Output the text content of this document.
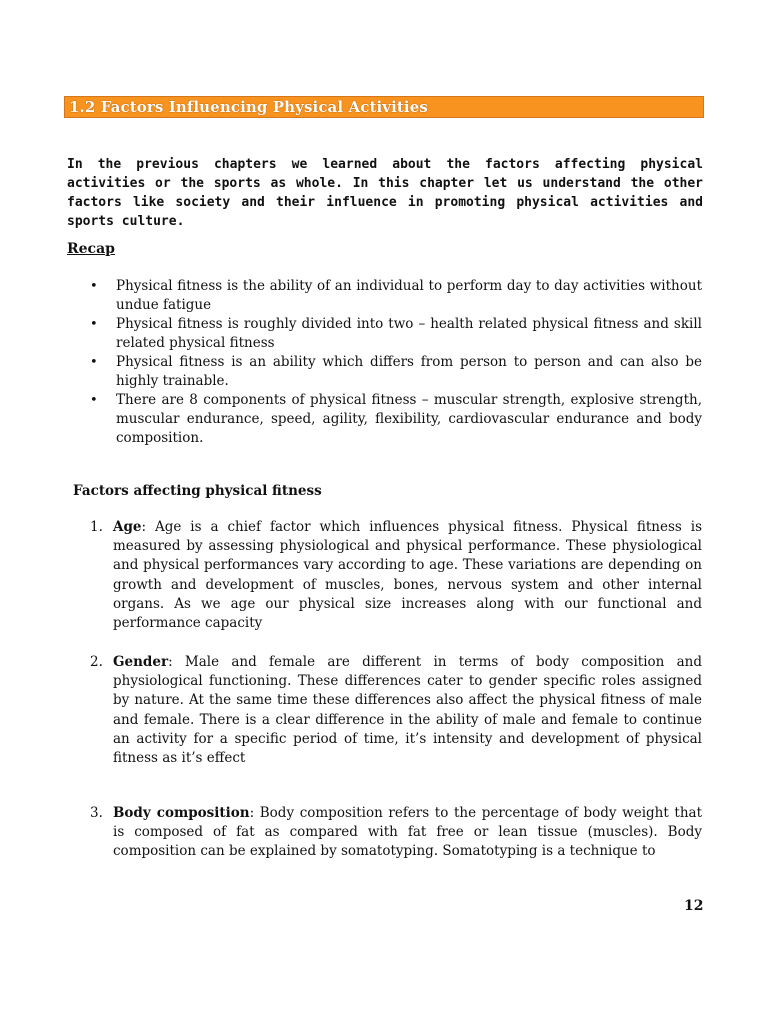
1.2 Factors Influencing Physical Activities

In the previous chapters we learned about the factors affecting physical activities or the sports as whole. In this chapter let us understand the other factors like society and their influence in promoting physical activities and sports culture.

Recap
• Physical fitness is the ability of an individual to perform day to day activities without undue fatigue
• Physical fitness is roughly divided into two – health related physical fitness and skill related physical fitness
• Physical fitness is an ability which differs from person to person and can also be highly trainable.
• There are 8 components of physical fitness – muscular strength, explosive strength, muscular endurance, speed, agility, flexibility, cardiovascular endurance and body composition.
Factors affecting physical fitness
1. Age: Age is a chief factor which influences physical fitness. Physical fitness is measured by assessing physiological and physical performance. These physiological and physical performances vary according to age. These variations are depending on growth and development of muscles, bones, nervous system and other internal organs. As we age our physical size increases along with our functional and performance capacity
2. Gender: Male and female are different in terms of body composition and physiological functioning. These differences cater to gender specific roles assigned by nature. At the same time these differences also affect the physical fitness of male and female. There is a clear difference in the ability of male and female to continue an activity for a specific period of time, it’s intensity and development of physical fitness as it’s effect
3. Body composition: Body composition refers to the percentage of body weight that is composed of fat as compared with fat free or lean tissue (muscles). Body composition can be explained by somatotyping. Somatotyping is a technique to
12
